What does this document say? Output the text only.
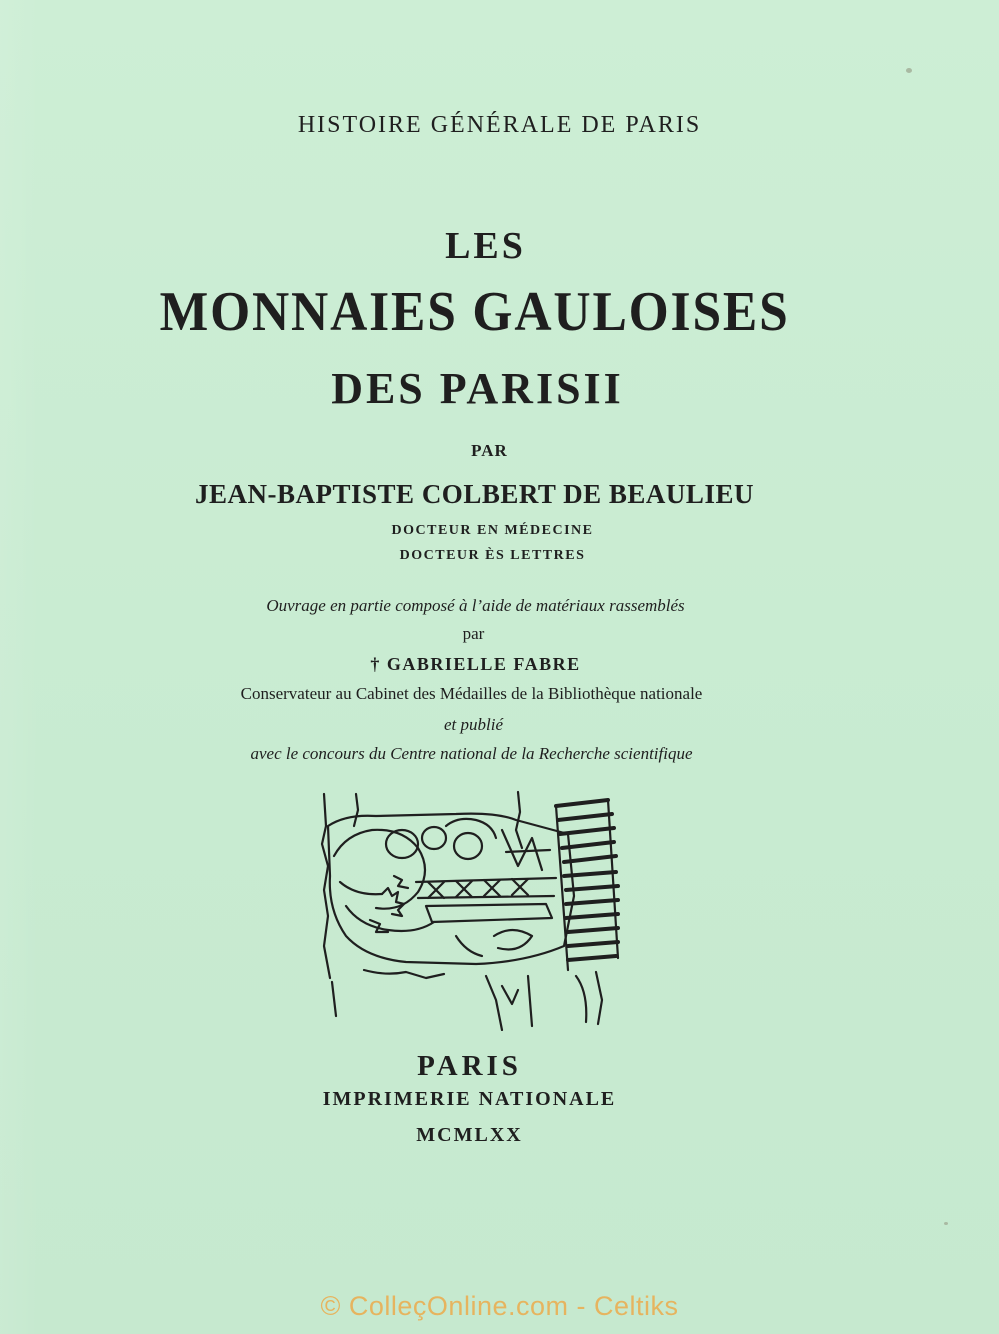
HISTOIRE GÉNÉRALE DE PARIS
LES
MONNAIES GAULOISES
DES PARISII
PAR
JEAN-BAPTISTE COLBERT DE BEAULIEU
DOCTEUR EN MÉDECINE
DOCTEUR ÈS LETTRES
Ouvrage en partie composé à l’aide de matériaux rassemblés
par
† GABRIELLE FABRE
Conservateur au Cabinet des Médailles de la Bibliothèque nationale
et publié
avec le concours du Centre national de la Recherche scientifique
PARIS
IMPRIMERIE NATIONALE
MCMLXX
© ColleçOnline.com - Celtiks
